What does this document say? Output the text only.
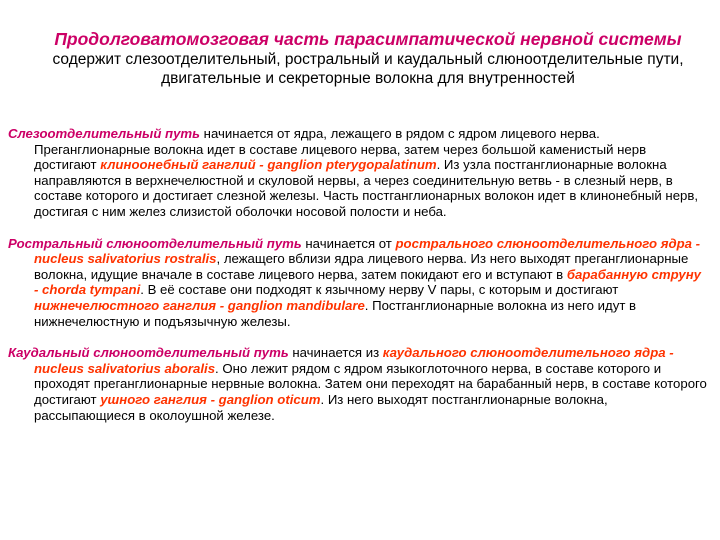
Продолговатомозговая часть парасимпатической нервной системы содержит слезоотделительный, ростральный и каудальный слюноотделительные пути, двигательные и секреторные волокна для внутренностей

Слезоотделительный путь начинается от ядра, лежащего в рядом с ядром лицевого нерва. Преганглионарные волокна идет в составе лицевого нерва, затем через большой каменистый нерв достигают клиноонебный ганглий - ganglion pterygopalatinum. Из узла постганглионарные волокна направляются в верхнечелюстной и скуловой нервы, а через соединительную ветвь - в слезный нерв, в составе которого и достигает слезной железы. Часть постганглионарных волокон идет в клинонебный нерв, достигая с ним желез слизистой оболочки носовой полости и неба.

Ростральный слюноотделительный путь начинается от рострального слюноотделительного ядра - nucleus salivatorius rostralis, лежащего вблизи ядра лицевого нерва. Из него выходят преганглионарные волокна, идущие вначале в составе лицевого нерва, затем покидают его и вступают в барабанную струну - chorda tympani. В её составе они подходят к язычному нерву V пары, с которым и достигают нижнечелюстного ганглия - ganglion mandibulare. Постганглионарные волокна из него идут в нижнечелюстную и подъязычную железы.

Каудальный слюноотделительный путь начинается из каудального слюноотделительного ядра - nucleus salivatorius aboralis. Оно лежит рядом с ядром языкоглоточного нерва, в составе которого и проходят преганглионарные нервные волокна. Затем они переходят на барабанный нерв, в составе которого достигают ушного ганглия - ganglion oticum. Из него выходят постганглионарные волокна, рассыпающиеся в околоушной железе.
